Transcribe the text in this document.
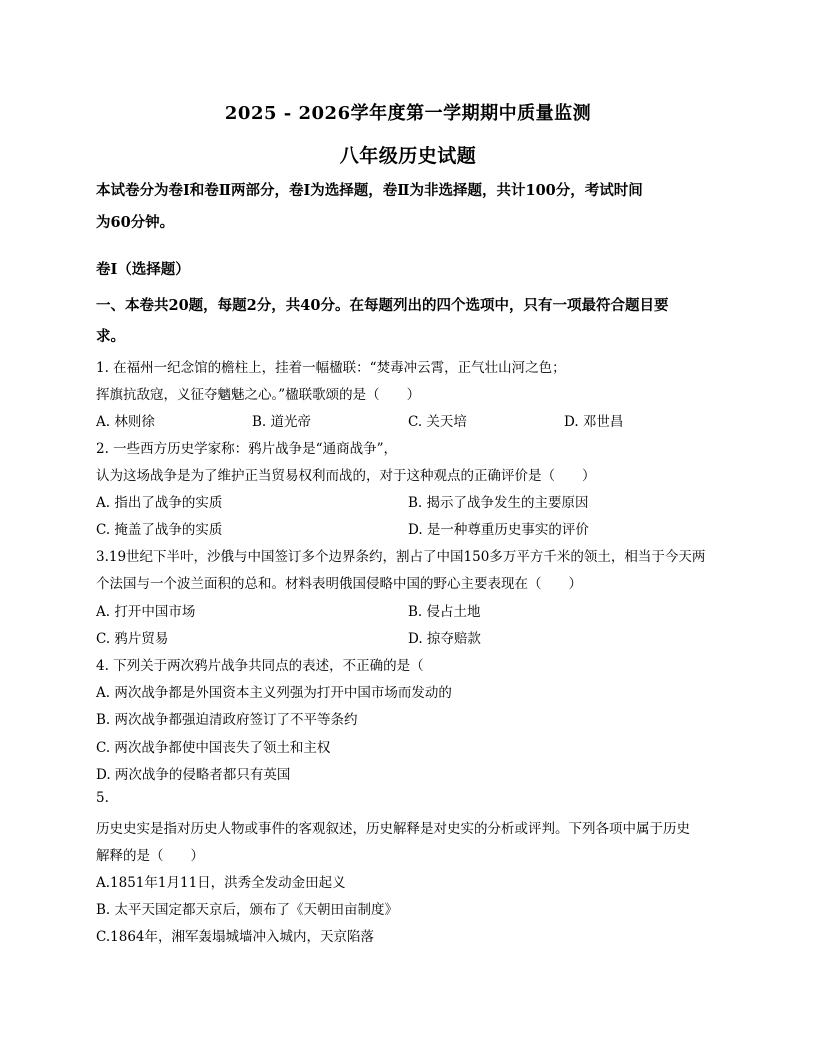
2025 - 2026学年度第一学期期中质量监测
八年级历史试题
本试卷分为卷Ⅰ和卷Ⅱ两部分，卷Ⅰ为选择题，卷Ⅱ为非选择题，共计100分，考试时间
为60分钟。
卷Ⅰ（选择题）
一、本卷共20题，每题2分，共40分。在每题列出的四个选项中，只有一项最符合题目要
求。
1. 在福州一纪念馆的檐柱上，挂着一幅楹联：“焚毒冲云霄，正气壮山河之色；
挥旗抗敌寇，义征夺魑魅之心。”楹联歌颂的是（　　）
A. 林则徐	B. 道光帝	C. 关天培	D. 邓世昌
2. 一些西方历史学家称：鸦片战争是“通商战争”，
认为这场战争是为了维护正当贸易权利而战的，对于这种观点的正确评价是（　　）
A. 指出了战争的实质	B. 揭示了战争发生的主要原因
C. 掩盖了战争的实质	D. 是一种尊重历史事实的评价
3.19世纪下半叶，沙俄与中国签订多个边界条约，割占了中国150多万平方千米的领土，相当于今天两
个法国与一个波兰面积的总和。材料表明俄国侵略中国的野心主要表现在（　　）
A. 打开中国市场	B. 侵占土地
C. 鸦片贸易	D. 掠夺赔款
4. 下列关于两次鸦片战争共同点的表述，不正确的是（
A. 两次战争都是外国资本主义列强为打开中国市场而发动的
B. 两次战争都强迫清政府签订了不平等条约
C. 两次战争都使中国丧失了领土和主权
D. 两次战争的侵略者都只有英国
5.
历史史实是指对历史人物或事件的客观叙述，历史解释是对史实的分析或评判。下列各项中属于历史
解释的是（　　）
A.1851年1月11日，洪秀全发动金田起义
B. 太平天国定都天京后，颁布了《天朝田亩制度》
C.1864年，湘军轰塌城墙冲入城内，天京陷落
